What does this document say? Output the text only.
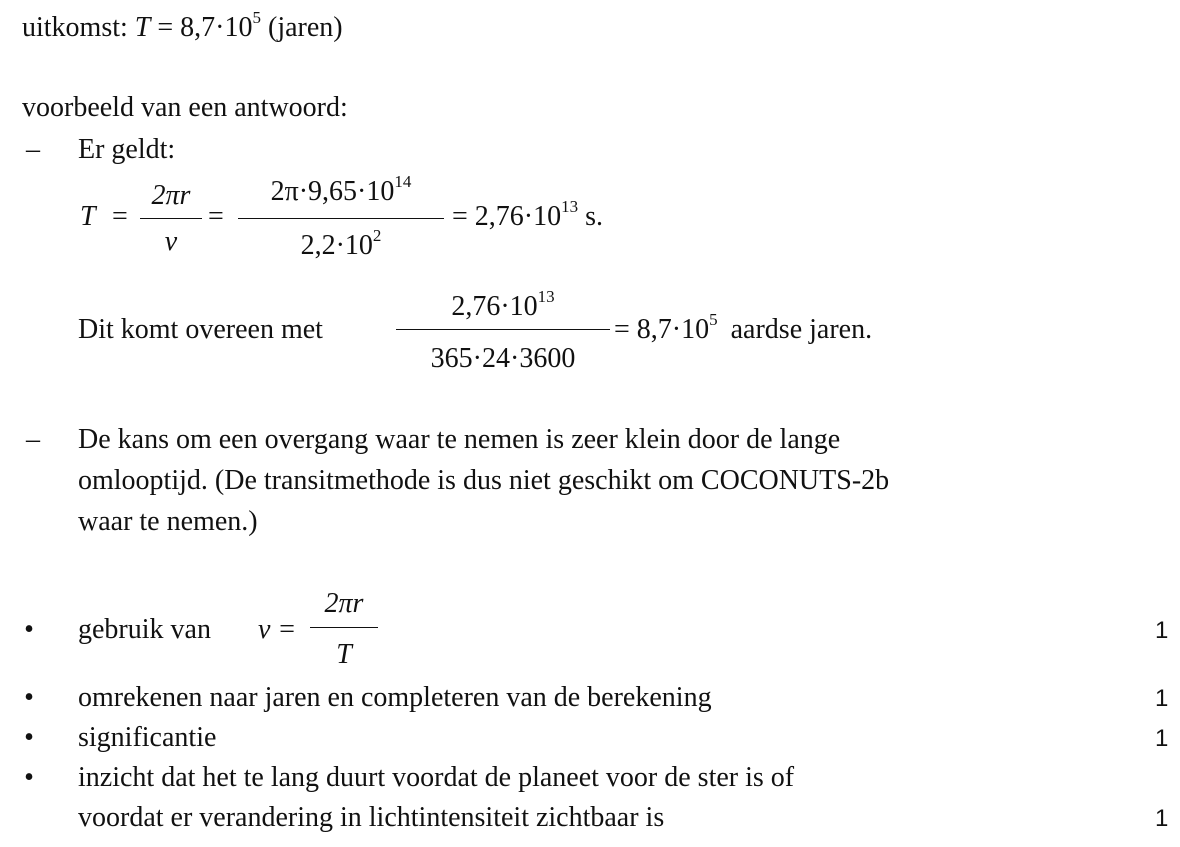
uitkomst: $T = 8,7\cdot 10^5$ (jaren)
voorbeeld van een antwoord:
– Er geldt:
T =
2πr
v
=
$2\pi\cdot 9,65\cdot 10^{14}$
$2,2\cdot 10^2$
= $2,76\cdot 10^{13}$ s.
Dit komt overeen met
$2,76\cdot 10^{13}$
365·24·3600
= $8,7\cdot 10^5$ aardse jaren.
– De kans om een overgang waar te nemen is zeer klein door de lange
omlooptijd. (De transitmethode is dus niet geschikt om COCONUTS-2b
waar te nemen.)
•	gebruik van v =
2πr
T
1
•	omrekenen naar jaren en completeren van de berekening	1
•	significantie	1
•	inzicht dat het te lang duurt voordat de planeet voor de ster is of
voordat er verandering in lichtintensiteit zichtbaar is	1
